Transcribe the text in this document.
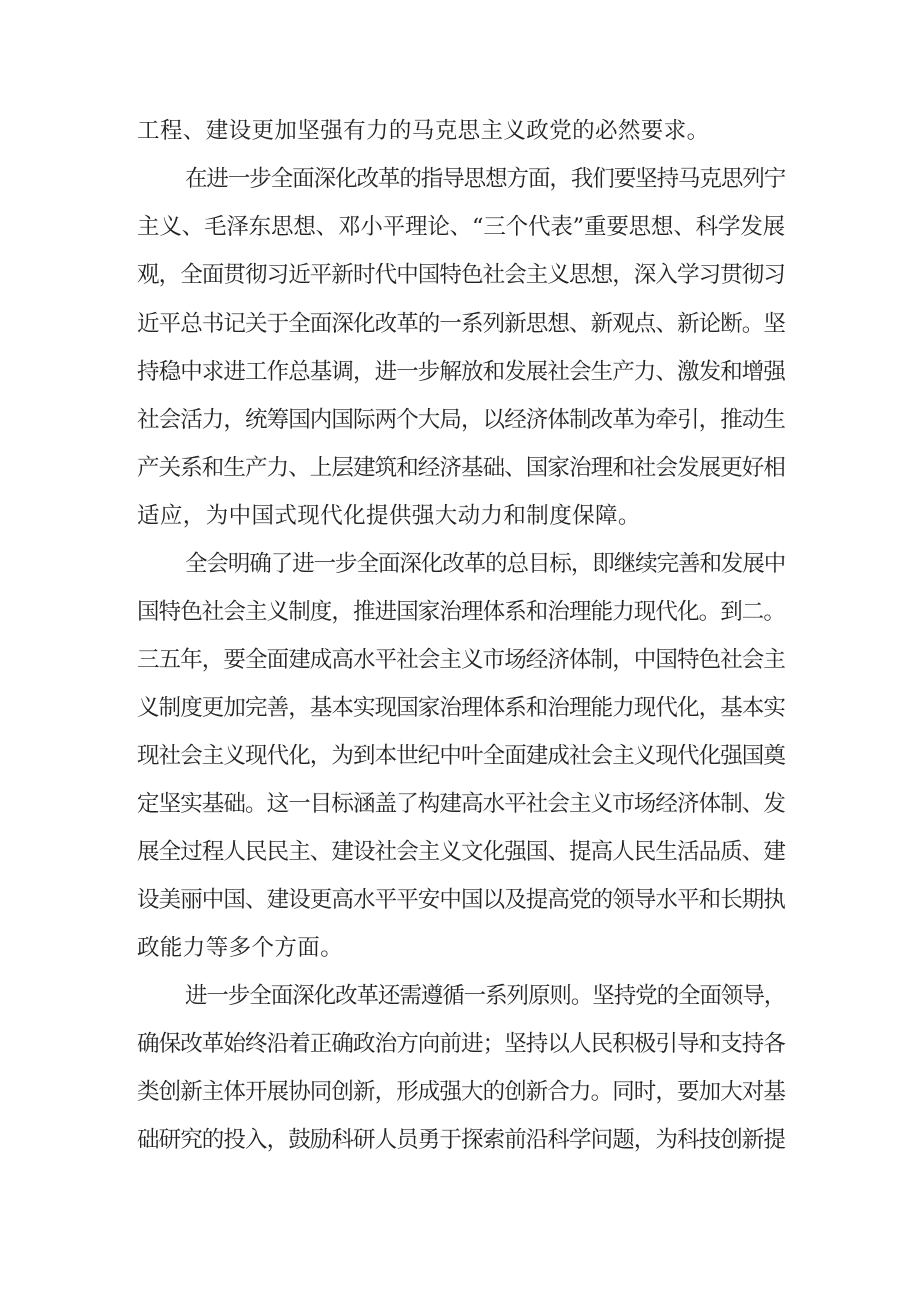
工程、建设更加坚强有力的马克思主义政党的必然要求。
在进一步全面深化改革的指导思想方面，我们要坚持马克思列宁
主义、毛泽东思想、邓小平理论、“三个代表”重要思想、科学发展
观，全面贯彻习近平新时代中国特色社会主义思想，深入学习贯彻习
近平总书记关于全面深化改革的一系列新思想、新观点、新论断。坚
持稳中求进工作总基调，进一步解放和发展社会生产力、激发和增强
社会活力，统筹国内国际两个大局，以经济体制改革为牵引，推动生
产关系和生产力、上层建筑和经济基础、国家治理和社会发展更好相
适应，为中国式现代化提供强大动力和制度保障。
全会明确了进一步全面深化改革的总目标，即继续完善和发展中
国特色社会主义制度，推进国家治理体系和治理能力现代化。到二。
三五年，要全面建成高水平社会主义市场经济体制，中国特色社会主
义制度更加完善，基本实现国家治理体系和治理能力现代化，基本实
现社会主义现代化，为到本世纪中叶全面建成社会主义现代化强国奠
定坚实基础。这一目标涵盖了构建高水平社会主义市场经济体制、发
展全过程人民民主、建设社会主义文化强国、提高人民生活品质、建
设美丽中国、建设更高水平平安中国以及提高党的领导水平和长期执
政能力等多个方面。
进一步全面深化改革还需遵循一系列原则。坚持党的全面领导，
确保改革始终沿着正确政治方向前进；坚持以人民积极引导和支持各
类创新主体开展协同创新，形成强大的创新合力。同时，要加大对基
础研究的投入，鼓励科研人员勇于探索前沿科学问题，为科技创新提
